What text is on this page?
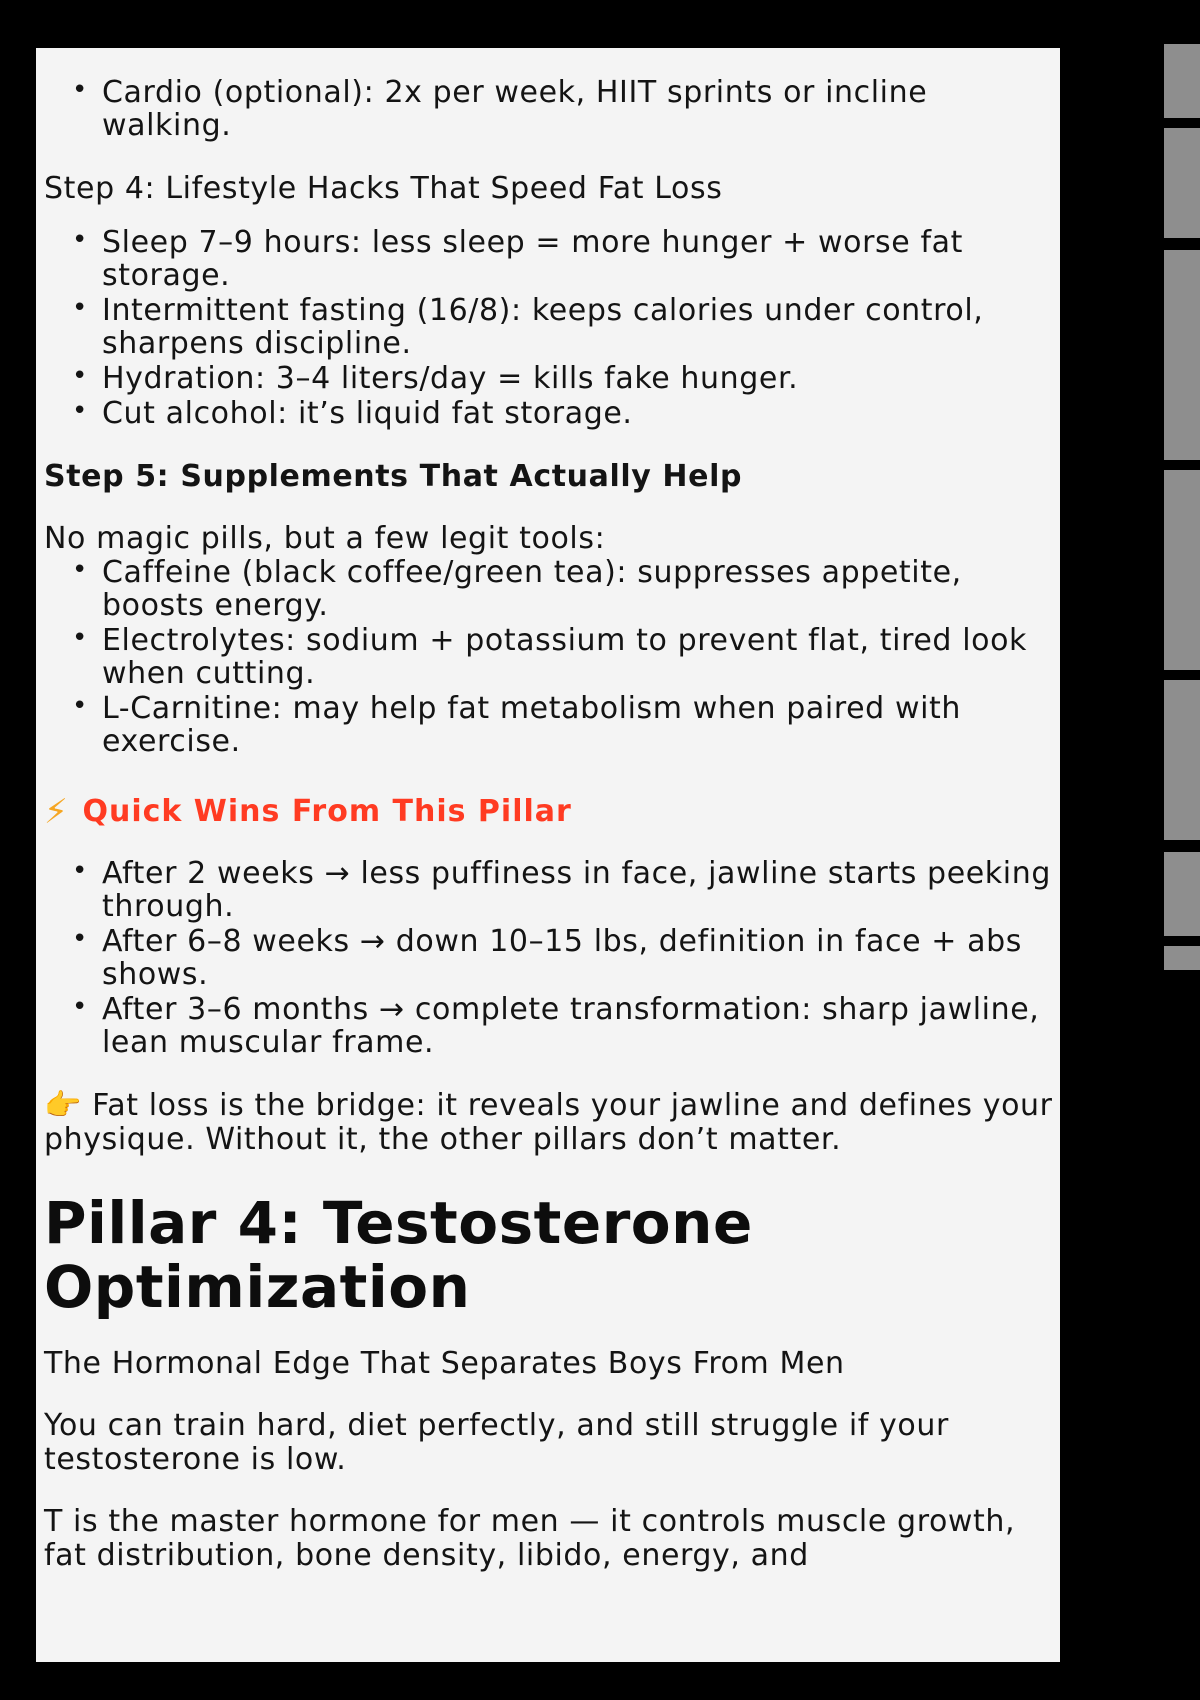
• Cardio (optional): 2x per week, HIIT sprints or incline walking.

Step 4: Lifestyle Hacks That Speed Fat Loss

• Sleep 7–9 hours: less sleep = more hunger + worse fat storage.
• Intermittent fasting (16/8): keeps calories under control, sharpens discipline.
• Hydration: 3–4 liters/day = kills fake hunger.
• Cut alcohol: it’s liquid fat storage.

Step 5: Supplements That Actually Help

No magic pills, but a few legit tools:

• Caffeine (black coffee/green tea): suppresses appetite, boosts energy.
• Electrolytes: sodium + potassium to prevent flat, tired look when cutting.
• L-Carnitine: may help fat metabolism when paired with exercise.
⚡ Quick Wins From This Pillar
• After 2 weeks → less puffiness in face, jawline starts peeking through.
• After 6–8 weeks → down 10–15 lbs, definition in face + abs shows.
• After 3–6 months → complete transformation: sharp jawline, lean muscular frame.

👉 Fat loss is the bridge: it reveals your jawline and defines your physique. Without it, the other pillars don’t matter.

Pillar 4: Testosterone Optimization

The Hormonal Edge That Separates Boys From Men

You can train hard, diet perfectly, and still struggle if your testosterone is low.

T is the master hormone for men — it controls muscle growth, fat distribution, bone density, libido, energy, and
